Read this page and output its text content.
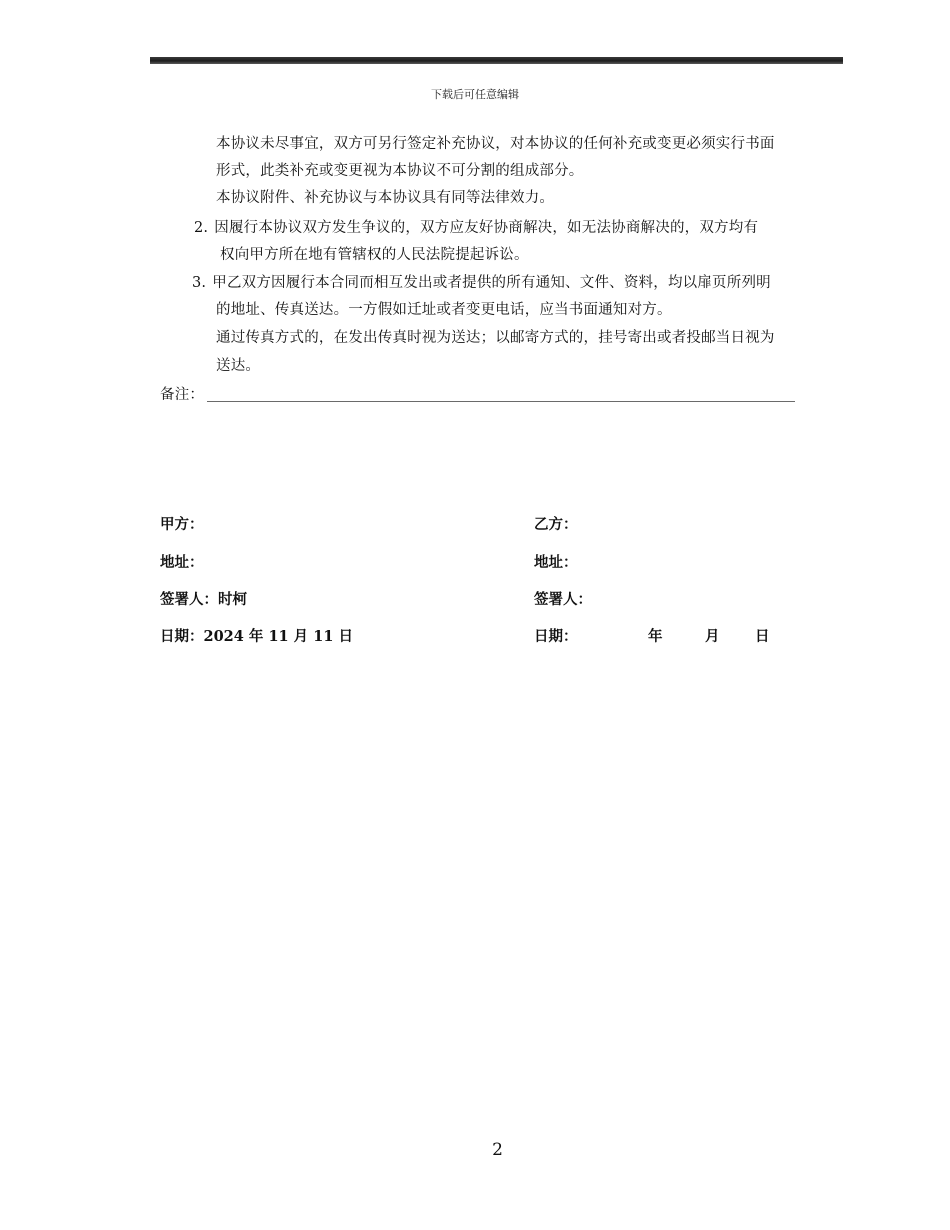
下载后可任意编辑
本协议未尽事宜，双方可另行签定补充协议，对本协议的任何补充或变更必须实行书面
形式，此类补充或变更视为本协议不可分割的组成部分。
本协议附件、补充协议与本协议具有同等法律效力。
2. 因履行本协议双方发生争议的，双方应友好协商解决，如无法协商解决的，双方均有
权向甲方所在地有管辖权的人民法院提起诉讼。
3. 甲乙双方因履行本合同而相互发出或者提供的所有通知、文件、资料，均以扉页所列明
的地址、传真送达。一方假如迁址或者变更电话，应当书面通知对方。
通过传真方式的，在发出传真时视为送达；以邮寄方式的，挂号寄出或者投邮当日视为
送达。
备注：
甲方：
地址：
签署人：时柯
日期：2024 年 11 月 11 日
乙方：
地址：
签署人：
日期：	年	月 日
2
